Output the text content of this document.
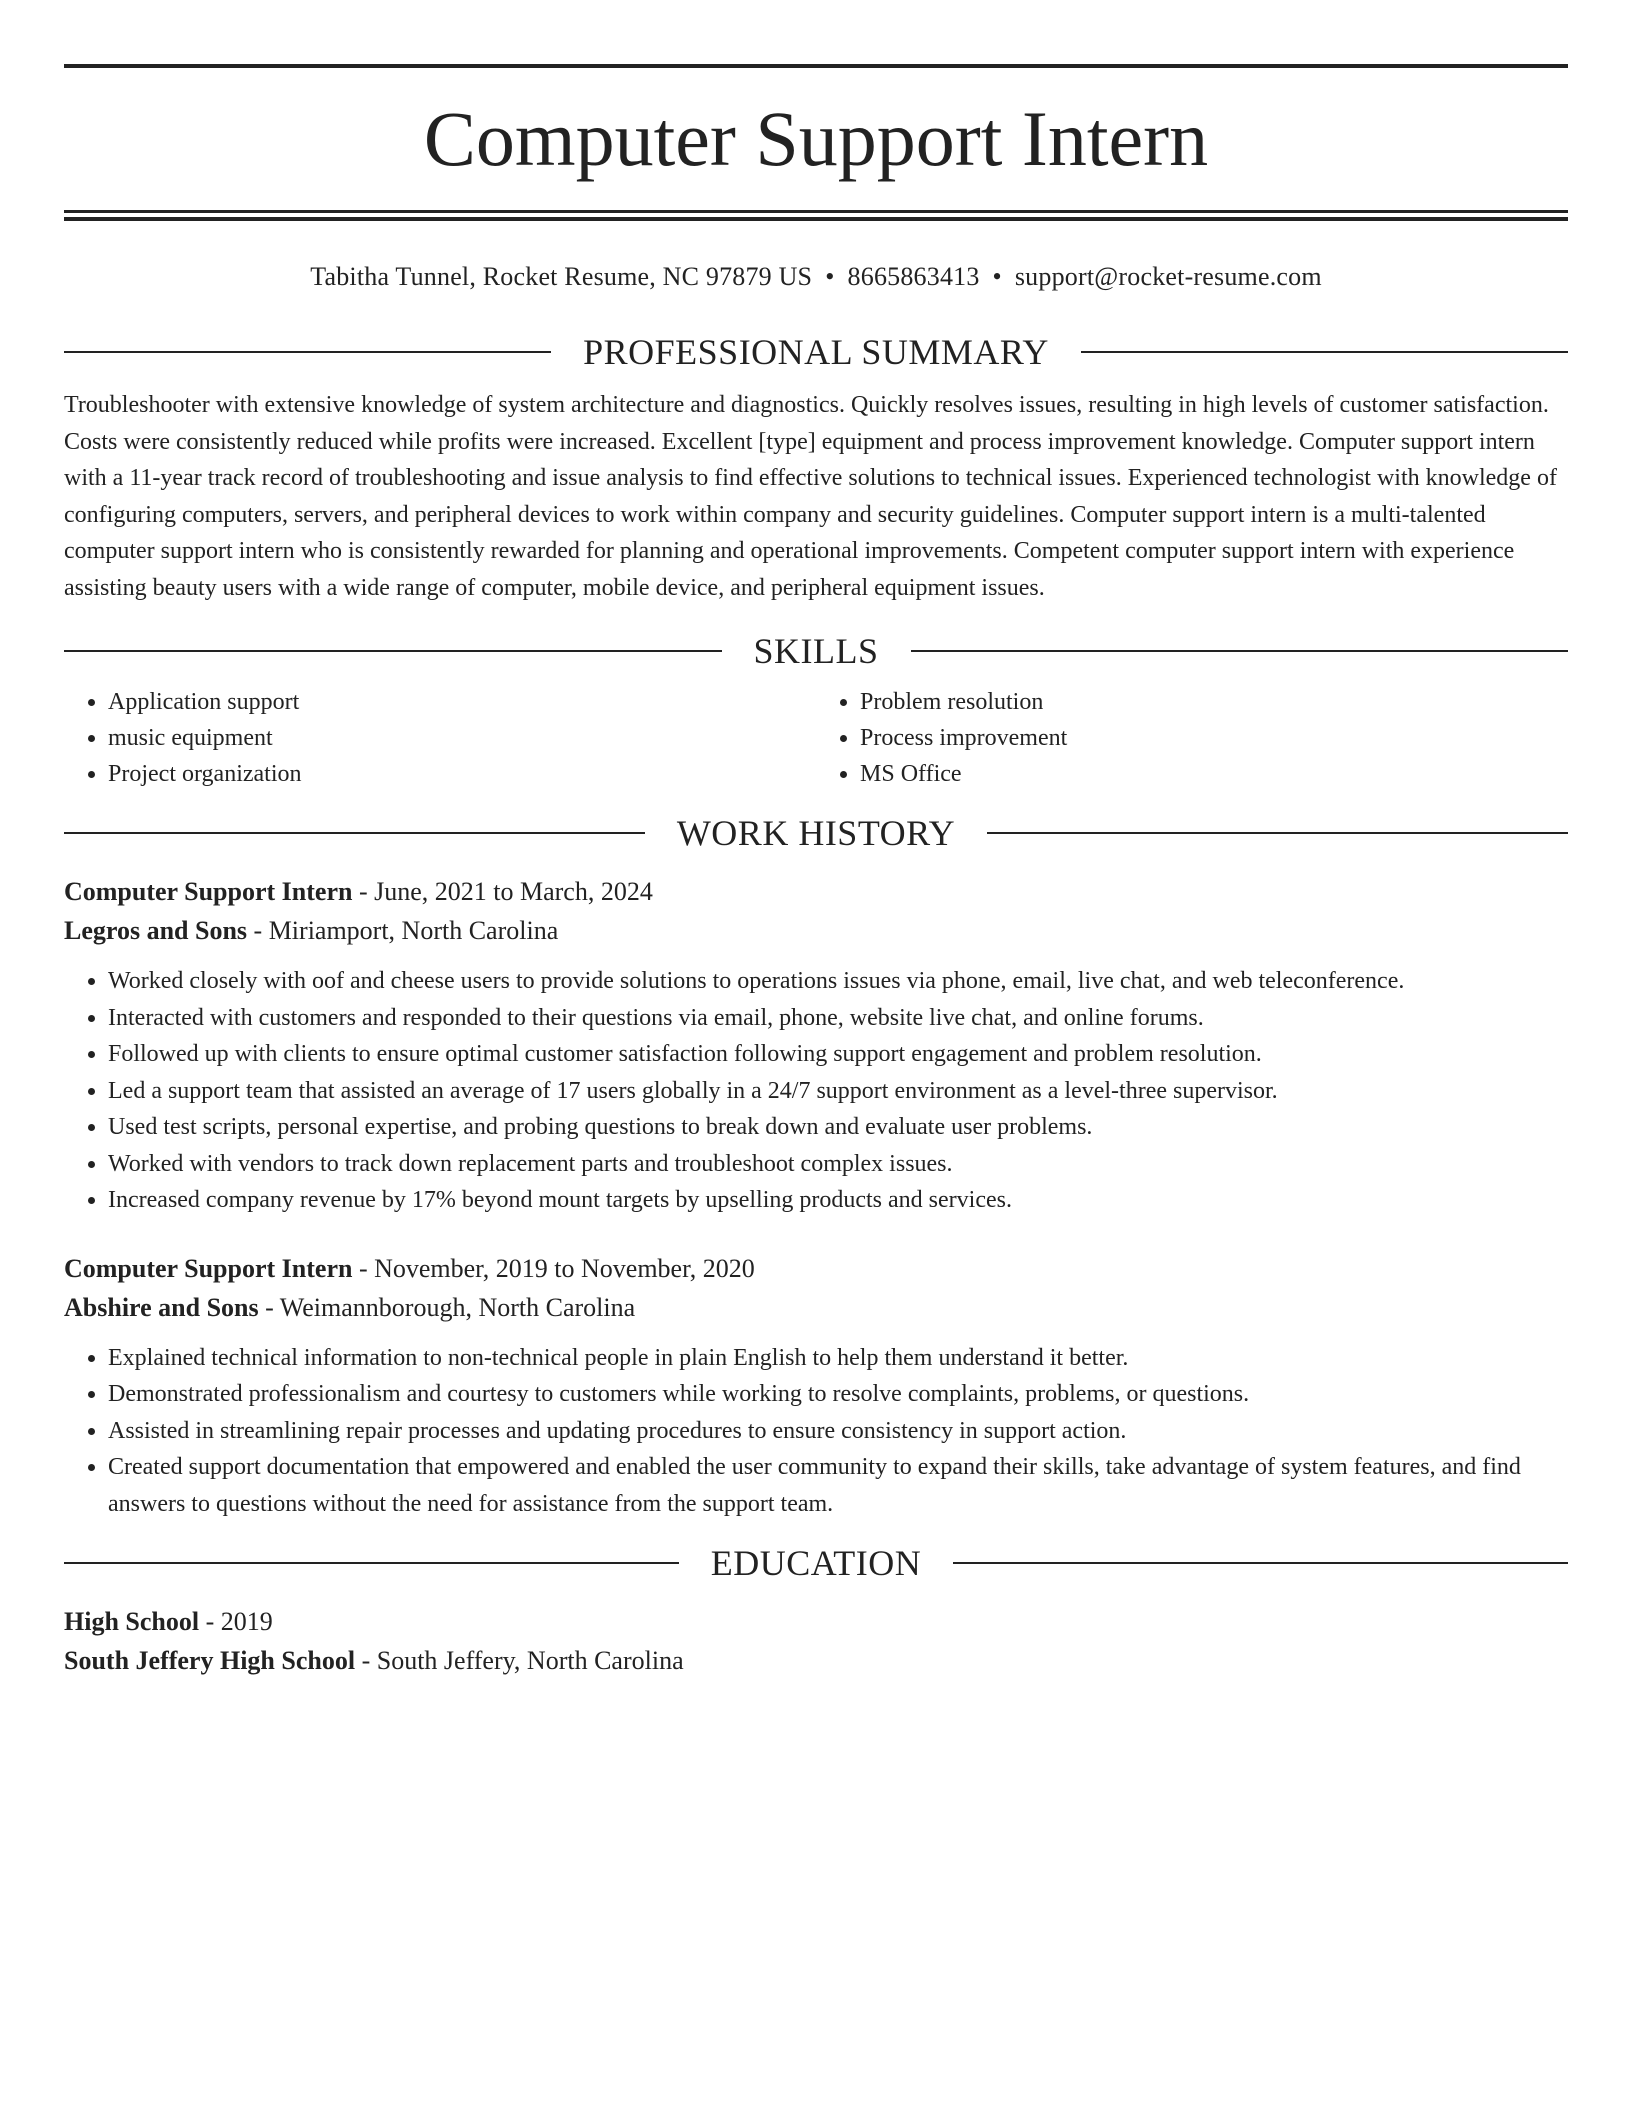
Computer Support Intern
Tabitha Tunnel, Rocket Resume, NC 97879 US • 8665863413 • support@rocket-resume.com
PROFESSIONAL SUMMARY

Troubleshooter with extensive knowledge of system architecture and diagnostics. Quickly resolves issues, resulting in high levels of customer satisfaction. Costs were consistently reduced while profits were increased. Excellent [type] equipment and process improvement knowledge. Computer support intern with a 11-year track record of troubleshooting and issue analysis to find effective solutions to technical issues. Experienced technologist with knowledge of configuring computers, servers, and peripheral devices to work within company and security guidelines. Computer support intern is a multi-talented computer support intern who is consistently rewarded for planning and operational improvements. Competent computer support intern with experience assisting beauty users with a wide range of computer, mobile device, and peripheral equipment issues.

SKILLS
• Application support
• music equipment
• Project organization
• Problem resolution
• Process improvement
• MS Office
WORK HISTORY
Computer Support Intern - June, 2021 to March, 2024
Legros and Sons - Miriamport, North Carolina
• Worked closely with oof and cheese users to provide solutions to operations issues via phone, email, live chat, and web teleconference.
• Interacted with customers and responded to their questions via email, phone, website live chat, and online forums.
• Followed up with clients to ensure optimal customer satisfaction following support engagement and problem resolution.
• Led a support team that assisted an average of 17 users globally in a 24/7 support environment as a level-three supervisor.
• Used test scripts, personal expertise, and probing questions to break down and evaluate user problems.
• Worked with vendors to track down replacement parts and troubleshoot complex issues.
• Increased company revenue by 17% beyond mount targets by upselling products and services.
Computer Support Intern - November, 2019 to November, 2020
Abshire and Sons - Weimannborough, North Carolina
• Explained technical information to non-technical people in plain English to help them understand it better.
• Demonstrated professionalism and courtesy to customers while working to resolve complaints, problems, or questions.
• Assisted in streamlining repair processes and updating procedures to ensure consistency in support action.
• Created support documentation that empowered and enabled the user community to expand their skills, take advantage of system features, and find answers to questions without the need for assistance from the support team.
EDUCATION
High School - 2019
South Jeffery High School - South Jeffery, North Carolina
